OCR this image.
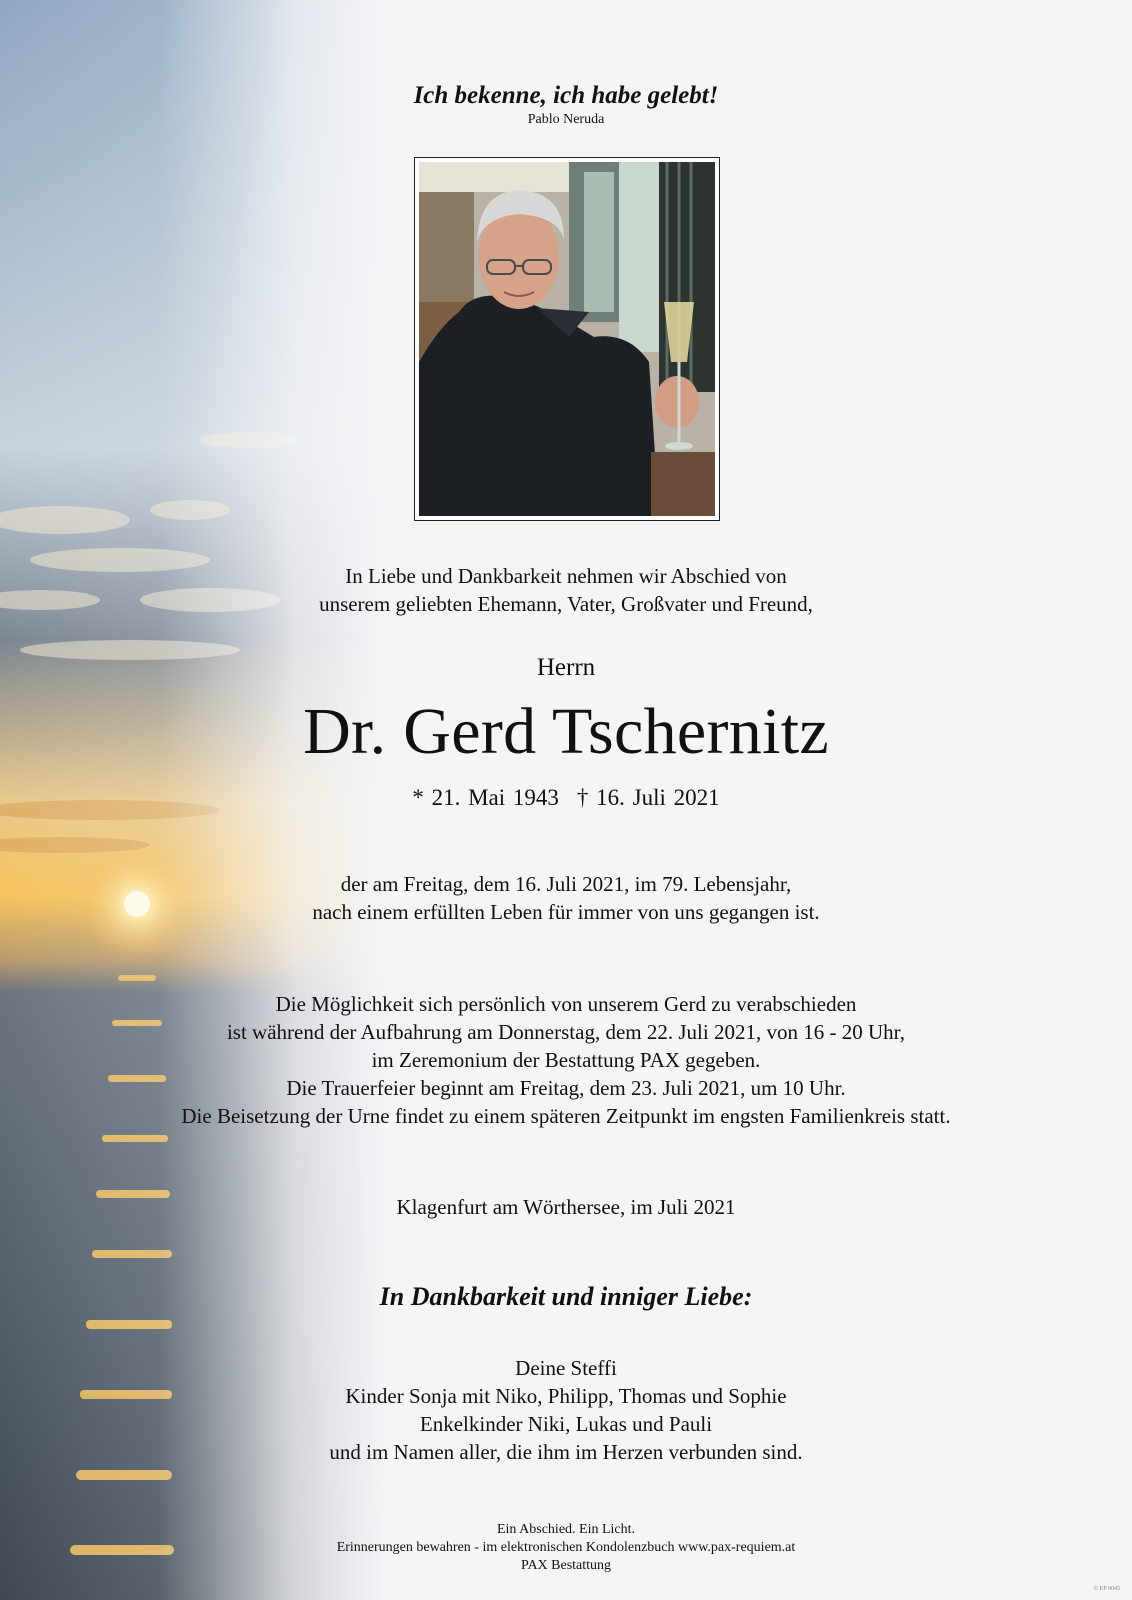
Ich bekenne, ich habe gelebt!
Pablo Neruda
In Liebe und Dankbarkeit nehmen wir Abschied von
unserem geliebten Ehemann, Vater, Großvater und Freund,
Herrn
Dr. Gerd Tschernitz
* 21. Mai 1943 † 16. Juli 2021
der am Freitag, dem 16. Juli 2021, im 79. Lebensjahr,
nach einem erfüllten Leben für immer von uns gegangen ist.
Die Möglichkeit sich persönlich von unserem Gerd zu verabschieden
ist während der Aufbahrung am Donnerstag, dem 22. Juli 2021, von 16 - 20 Uhr,
im Zeremonium der Bestattung PAX gegeben.
Die Trauerfeier beginnt am Freitag, dem 23. Juli 2021, um 10 Uhr.
Die Beisetzung der Urne findet zu einem späteren Zeitpunkt im engsten Familienkreis statt.
Klagenfurt am Wörthersee, im Juli 2021
In Dankbarkeit und inniger Liebe:
Deine Steffi
Kinder Sonja mit Niko, Philipp, Thomas und Sophie
Enkelkinder Niki, Lukas und Pauli
und im Namen aller, die ihm im Herzen verbunden sind.
Ein Abschied. Ein Licht.
Erinnerungen bewahren - im elektronischen Kondolenzbuch www.pax-requiem.at
PAX Bestattung
© EP 9045
